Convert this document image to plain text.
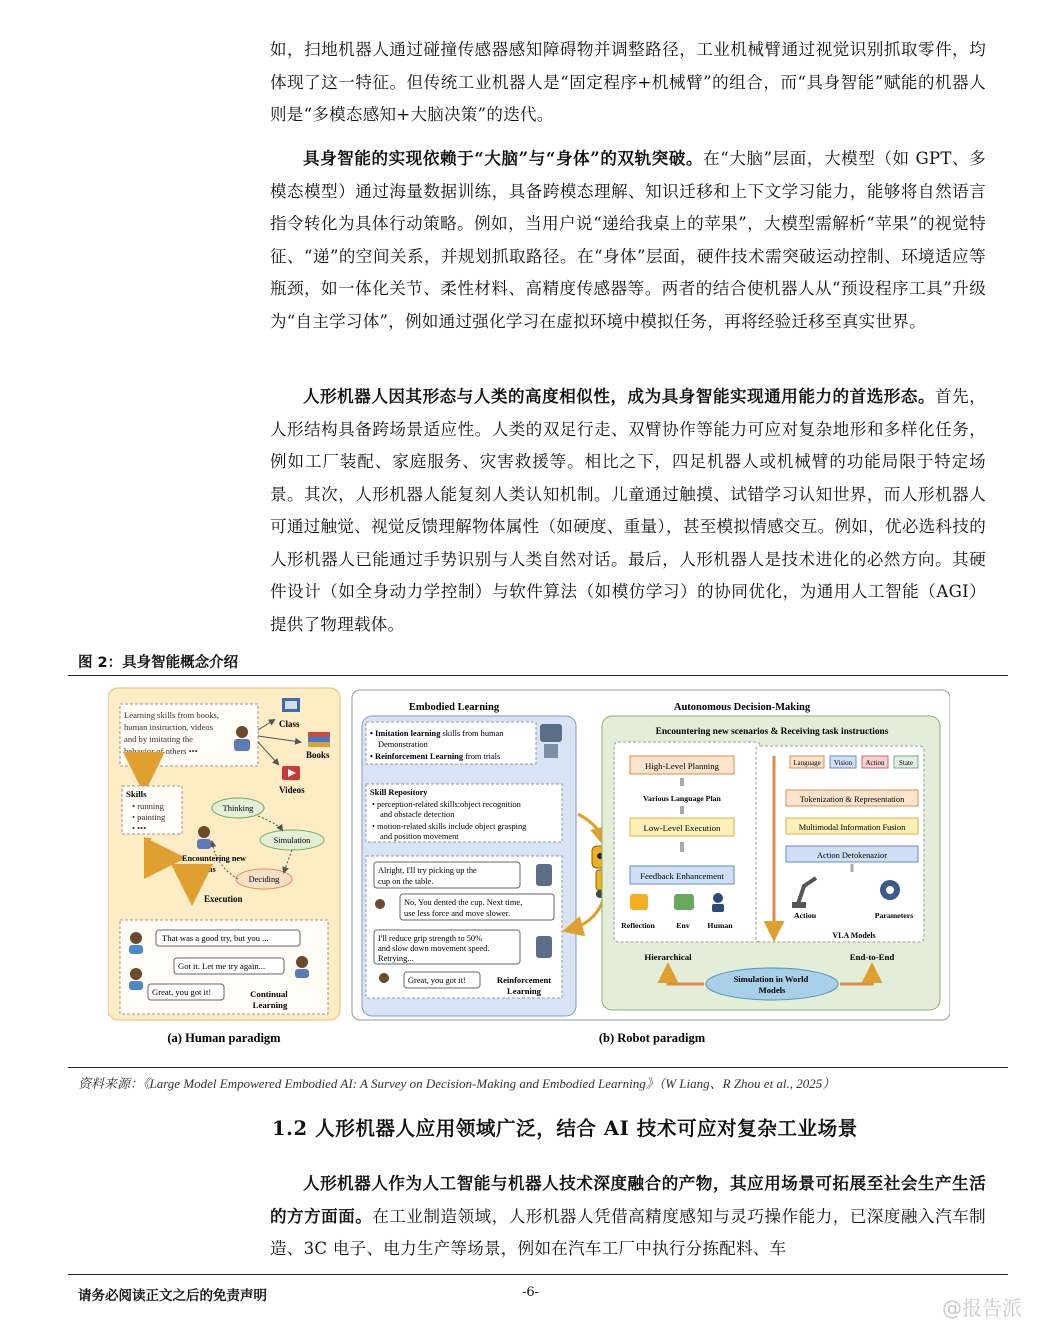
如，扫地机器人通过碰撞传感器感知障碍物并调整路径，工业机械臂通过视觉识别抓取零件，均体现了这一特征。但传统工业机器人是“固定程序+机械臂”的组合，而“具身智能”赋能的机器人则是“多模态感知+大脑决策”的迭代。

具身智能的实现依赖于“大脑”与“身体”的双轨突破。在“大脑”层面，大模型（如 GPT、多模态模型）通过海量数据训练，具备跨模态理解、知识迁移和上下文学习能力，能够将自然语言指令转化为具体行动策略。例如，当用户说“递给我桌上的苹果”，大模型需解析“苹果”的视觉特征、“递”的空间关系，并规划抓取路径。在“身体”层面，硬件技术需突破运动控制、环境适应等瓶颈，如一体化关节、柔性材料、高精度传感器等。两者的结合使机器人从“预设程序工具”升级为“自主学习体”，例如通过强化学习在虚拟环境中模拟任务，再将经验迁移至真实世界。

人形机器人因其形态与人类的高度相似性，成为具身智能实现通用能力的首选形态。首先，人形结构具备跨场景适应性。人类的双足行走、双臂协作等能力可应对复杂地形和多样化任务，例如工厂装配、家庭服务、灾害救援等。相比之下，四足机器人或机械臂的功能局限于特定场景。其次，人形机器人能复刻人类认知机制。儿童通过触摸、试错学习认知世界，而人形机器人可通过触觉、视觉反馈理解物体属性（如硬度、重量），甚至模拟情感交互。例如，优必选科技的人形机器人已能通过手势识别与人类自然对话。最后，人形机器人是技术进化的必然方向。其硬件设计（如全身动力学控制）与软件算法（如模仿学习）的协同优化，为通用人工智能（AGI）提供了物理载体。

图 2：具身智能概念介绍
Learning skills from books, human instruction, videos and by imitating the behavior of others •••
Class
Books
Videos
Skills
• running • painting • •••
Thinking
Simulation
Deciding
Encountering new situations
Execution
That was a good try, but you ...
Got it. Let me try again...
Great, you got it!	Continual Learning
(a) Human paradigm
Embodied Learning
• Imitation learning skills from human Demonstration • Reinforcement Learning from trials
Skill Repository • perception-related skills:object recognition and obstacle detection • motion-related skills include object grasping and position movement
Alright, I'll try picking up the cup on the table.
No, You dented the cup. Next time, use less force and move slower.
I'll reduce grip strength to 50% and slow down movement speed. Retrying...
Great, you got it!	Reinforcement Learning
Autonomous Decision-Making
Encountering new scenarios & Receiving task instructions
High-Level Planning
Various Language Plan
Low-Level Execution
Feedback Enhancement
Reflection	Env Human
Language Vision Action State
Tokenization & Representation
Multimodal Information Fusion
Action Detokenazior
Action	Parameters
VLA Models
Hierarchical	End-to-End
Simulation in World Models
(b) Robot paradigm
资料来源：《Large Model Empowered Embodied AI: A Survey on Decision-Making and Embodied Learning》（W Liang、R Zhou et al., 2025）
1.2 人形机器人应用领域广泛，结合 AI 技术可应对复杂工业场景

人形机器人作为人工智能与机器人技术深度融合的产物，其应用场景可拓展至社会生产生活的方方面面。在工业制造领域，人形机器人凭借高精度感知与灵巧操作能力，已深度融入汽车制造、3C 电子、电力生产等场景，例如在汽车工厂中执行分拣配料、车

请务必阅读正文之后的免责声明	-6-
@报告派
